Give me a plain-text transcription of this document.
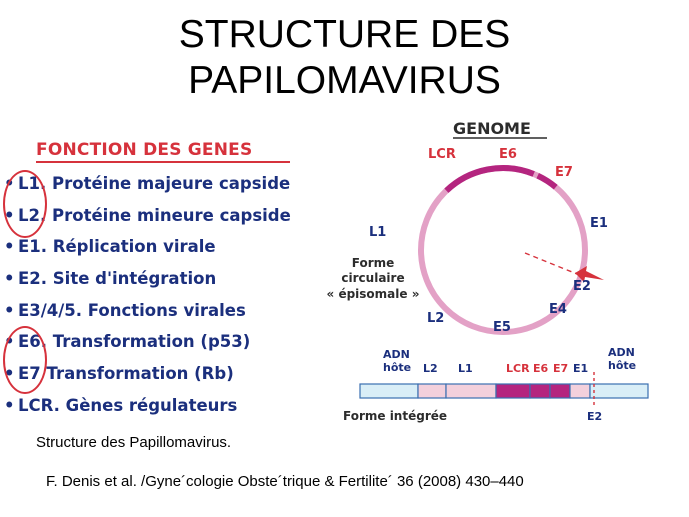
STRUCTURE DES
PAPILOMAVIRUS
FONCTION DES GENES
• L1. Protéine majeure capside
• L2. Protéine mineure capside
• E1. Réplication virale
• E2. Site d'intégration
• E3/4/5. Fonctions virales
• E6. Transformation (p53)
• E7 Transformation (Rb)
• LCR. Gènes régulateurs
GENOME
LCR	E6
E7
E1
E2
E4
E5
L2
L1
Forme
circulaire
« épisomale »
ADN
hôte
ADN
hôte
L2 L1	LCR E6 E7 E1
Forme intégrée	E2
Structure des Papillomavirus.
F. Denis et al. /Gyne´cologie Obste´trique & Fertilite´ 36 (2008) 430–440
